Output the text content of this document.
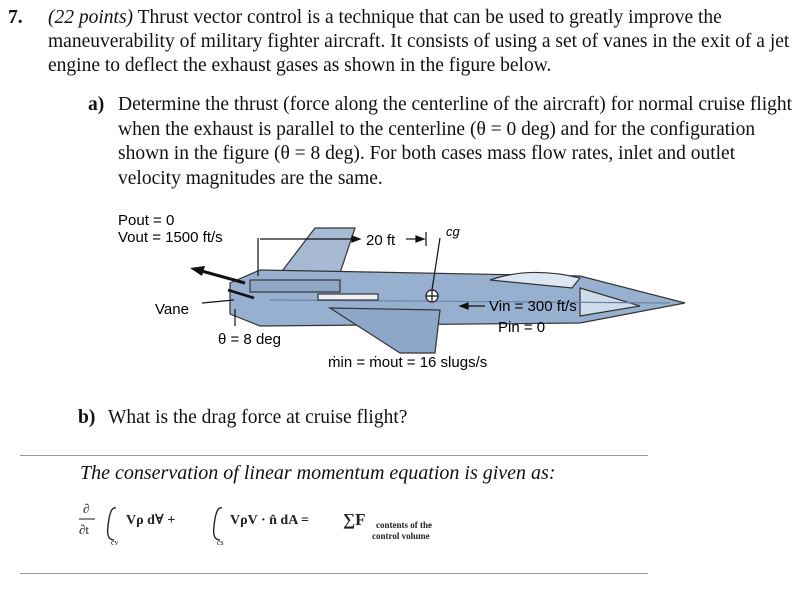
7. (22 points) Thrust vector control is a technique that can be used to greatly improve the maneuverability of military fighter aircraft. It consists of using a set of vanes in the exit of a jet engine to deflect the exhaust gases as shown in the figure below.
a) Determine the thrust (force along the centerline of the aircraft) for normal cruise flight when the exhaust is parallel to the centerline (θ = 0 deg) and for the configuration shown in the figure (θ = 8 deg). For both cases mass flow rates, inlet and outlet velocity magnitudes are the same.
Pout = 0
Vout = 1500 ft/s	20 ft
cg
Vane
θ = 8 deg
Vin = 300 ft/s
Pin = 0
ṁin = ṁout = 16 slugs/s
b) What is the drag force at cruise flight?
The conservation of linear momentum equation is given as:
∂
∂t
cv
Vρ d∀ +
cs
VρV · n̂ dA = ∑F contents of the
control volume
